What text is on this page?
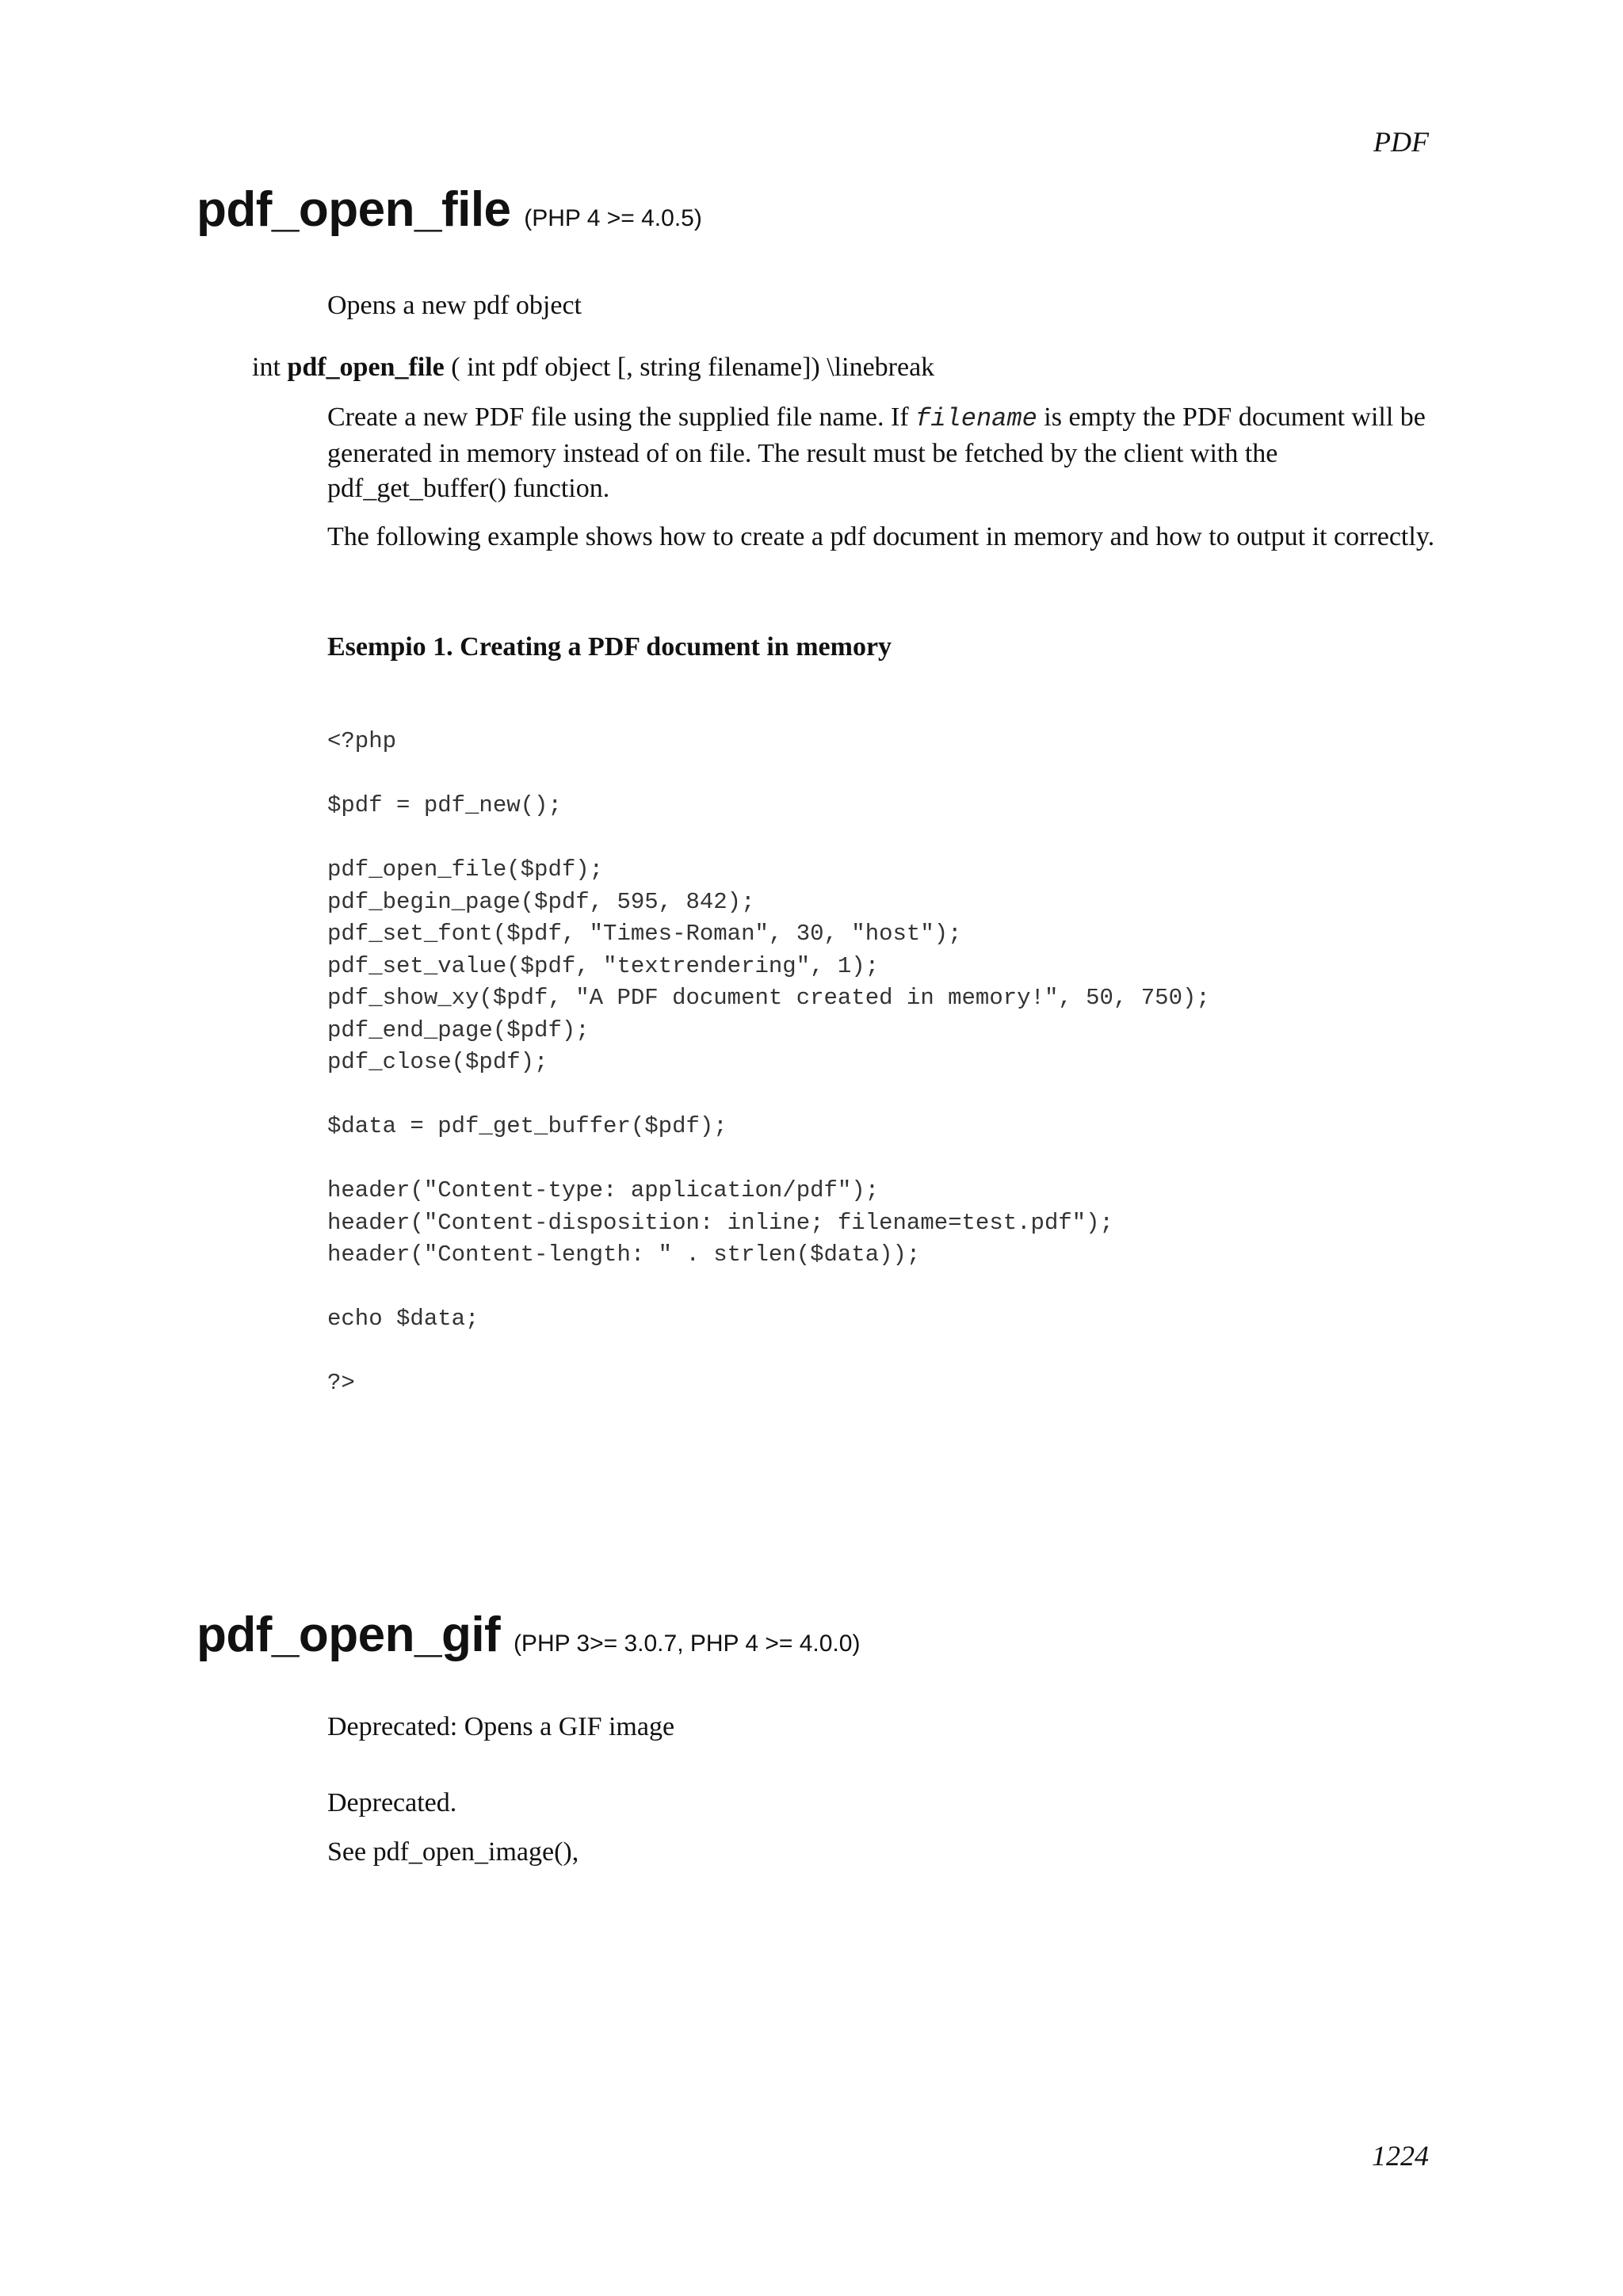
PDF
pdf_open_file (PHP 4 >= 4.0.5)

Opens a new pdf object

int pdf_open_file ( int pdf object [, string filename]) \linebreak

Create a new PDF file using the supplied file name. If filename is empty the PDF document will be generated in memory instead of on file. The result must be fetched by the client with the pdf_get_buffer() function.

The following example shows how to create a pdf document in memory and how to output it correctly.

Esempio 1. Creating a PDF document in memory

<?php
$pdf = pdf_new();
pdf_open_file($pdf);
pdf_begin_page($pdf, 595, 842);
pdf_set_font($pdf, "Times-Roman", 30, "host");
pdf_set_value($pdf, "textrendering", 1);
pdf_show_xy($pdf, "A PDF document created in memory!", 50, 750);
pdf_end_page($pdf);
pdf_close($pdf);
$data = pdf_get_buffer($pdf);
header("Content-type: application/pdf");
header("Content-disposition: inline; filename=test.pdf");
header("Content-length: " . strlen($data));
echo $data;
?>
pdf_open_gif (PHP 3>= 3.0.7, PHP 4 >= 4.0.0)

Deprecated: Opens a GIF image

Deprecated.

See pdf_open_image(),

1224
